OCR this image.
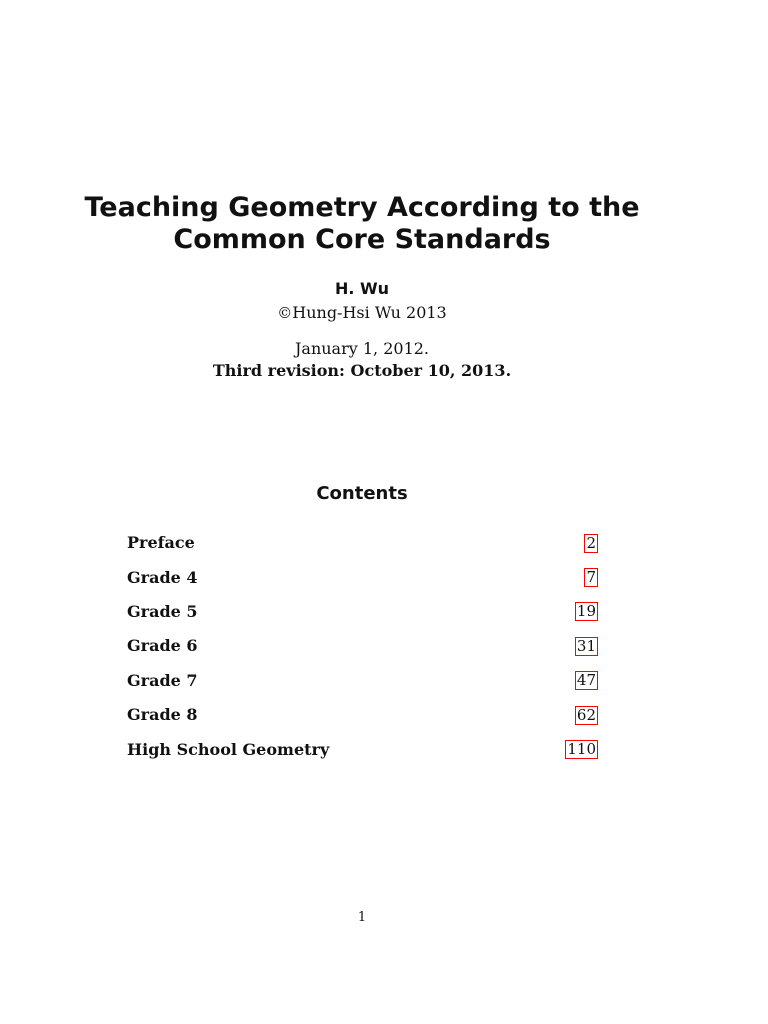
Teaching Geometry According to the
Common Core Standards
H. Wu
©Hung-Hsi Wu 2013
January 1, 2012.
Third revision: October 10, 2013.
Contents
Preface	2
Grade 4	7
Grade 5	19
Grade 6	31
Grade 7	47
Grade 8	62
High School Geometry	110
1
